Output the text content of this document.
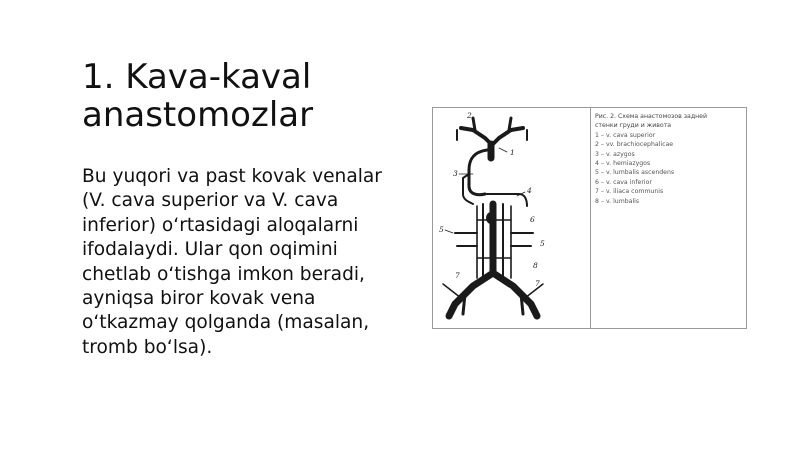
1. Kava-kaval anastomozlar

Bu yuqori va past kovak venalar (V. cava superior va V. cava inferior) oʻrtasidagi aloqalarni ifodalaydi. Ular qon oqimini chetlab oʻtishga imkon beradi, ayniqsa biror kovak vena oʻtkazmay qolganda (masalan, tromb boʻlsa).

1
2
3
4
5
5
6
7
8
7
Рис. 2. Схема анастомозов задней
стенки груди и живота
1 – v. cava superior
2 – vv. brachiocephalicae
3 – v. azygos
4 – v. hemiazygos
5 – v. lumbalis ascendens
6 – v. cava inferior
7 – v. iliaca communis
8 – v. lumbalis
